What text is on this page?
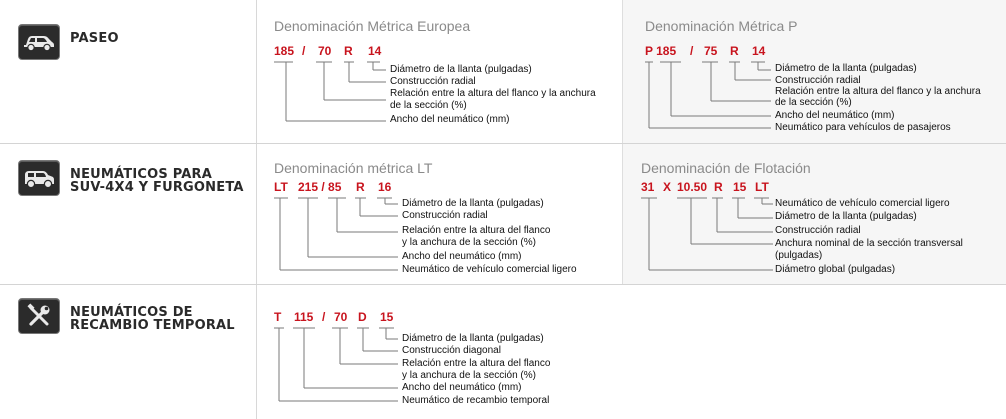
PASEO
NEUMÁTICOS PARA SUV-4X4 Y FURGONETA
NEUMÁTICOS DE RECAMBIO TEMPORAL
Denominación Métrica Europea
185 / 70 R 14
Diámetro de la llanta (pulgadas)
Construcción radial
Relación entre la altura del flanco y la anchura
de la sección (%)
Ancho del neumático (mm)
Denominación Métrica P
P 185 / 75 R 14
Diámetro de la llanta (pulgadas)
Construcción radial
Relación entre la altura del flanco y la anchura
de la sección (%)
Ancho del neumático (mm)
Neumático para vehículos de pasajeros
Denominación métrica LT
LT 215 / 85 R 16
Diámetro de la llanta (pulgadas)
Construcción radial
Relación entre la altura del flanco
y la anchura de la sección (%)
Ancho del neumático (mm)
Neumático de vehículo comercial ligero
Denominación de Flotación
31 X 10.50 R 15 LT
Neumático de vehículo comercial ligero
Diámetro de la llanta (pulgadas)
Construcción radial
Anchura nominal de la sección transversal
(pulgadas)
Diámetro global (pulgadas)
T 115 / 70 D 15
Diámetro de la llanta (pulgadas)
Construcción diagonal
Relación entre la altura del flanco
y la anchura de la sección (%)
Ancho del neumático (mm)
Neumático de recambio temporal
